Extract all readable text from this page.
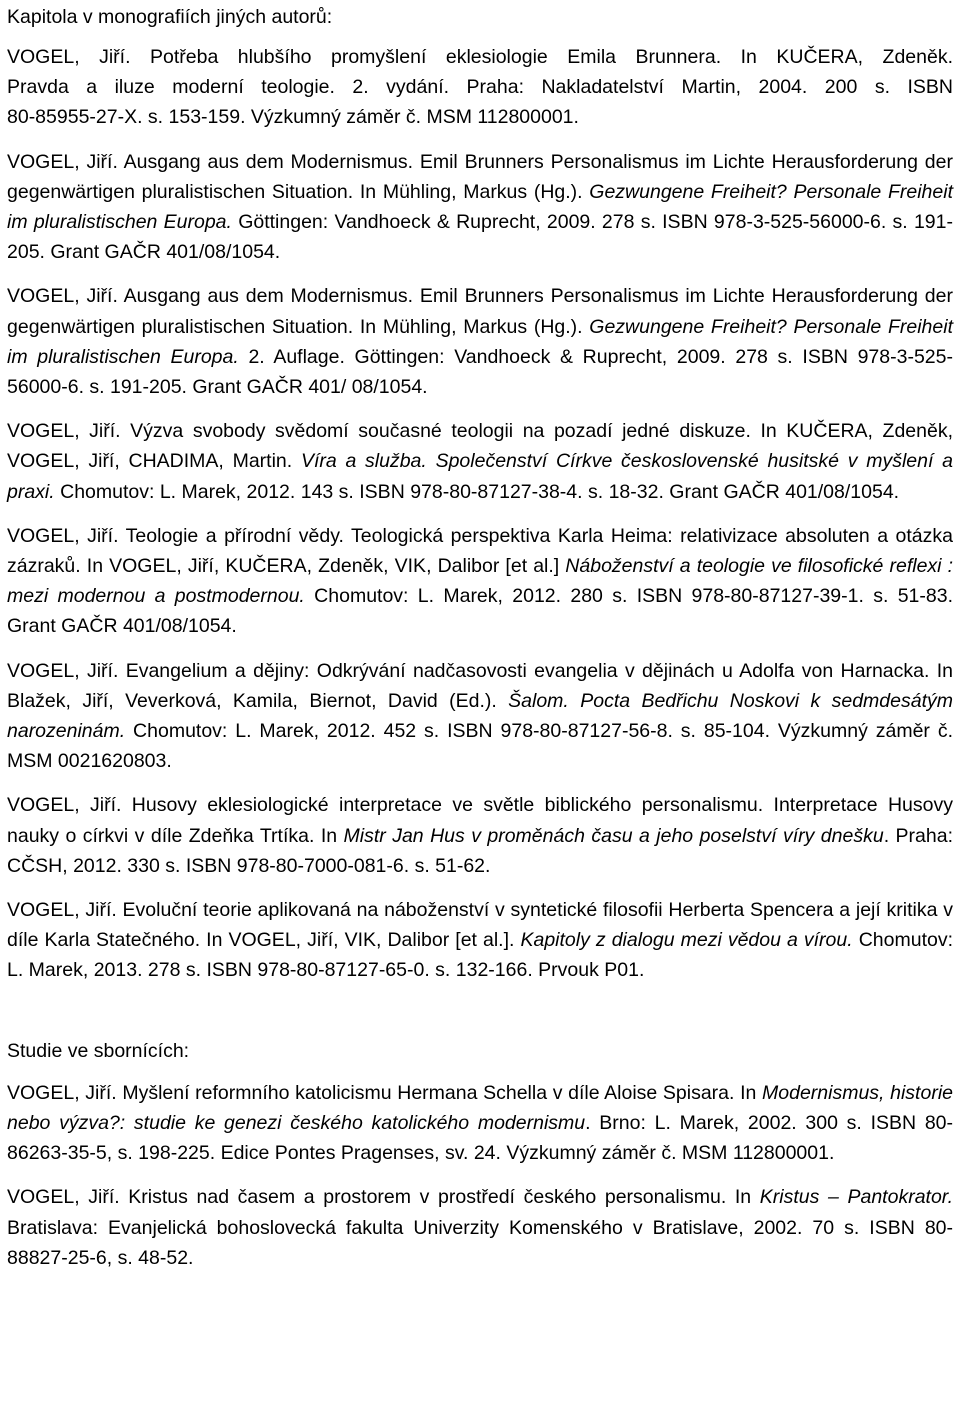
Kapitola v monografiích jiných autorů:

VOGEL, Jiří. Potřeba hlubšího promyšlení eklesiologie Emila Brunnera. In KUČERA, Zdeněk.
Pravda a iluze moderní teologie. 2. vydání. Praha: Nakladatelství Martin, 2004. 200 s. ISBN
80-85955-27-X. s. 153-159. Výzkumný záměr č. MSM 112800001.

VOGEL, Jiří. Ausgang aus dem Modernismus. Emil Brunners Personalismus im Lichte Herausforderung der gegenwärtigen pluralistischen Situation. In Mühling, Markus (Hg.). Gezwungene Freiheit? Personale Freiheit im pluralistischen Europa. Göttingen: Vandhoeck & Ruprecht, 2009. 278 s. ISBN 978-3-525-56000-6. s. 191-205. Grant GAČR 401/08/1054.

VOGEL, Jiří. Ausgang aus dem Modernismus. Emil Brunners Personalismus im Lichte Herausforderung der gegenwärtigen pluralistischen Situation. In Mühling, Markus (Hg.). Gezwungene Freiheit? Personale Freiheit im pluralistischen Europa. 2. Auflage. Göttingen: Vandhoeck & Ruprecht, 2009. 278 s. ISBN 978-3-525-56000-6. s. 191-205. Grant GAČR 401/ 08/1054.

VOGEL, Jiří. Výzva svobody svědomí současné teologii na pozadí jedné diskuze. In KUČERA, Zdeněk, VOGEL, Jiří, CHADIMA, Martin. Víra a služba. Společenství Církve československé husitské v myšlení a praxi. Chomutov: L. Marek, 2012. 143 s. ISBN 978-80-87127-38-4. s. 18-32. Grant GAČR 401/08/1054.

VOGEL, Jiří. Teologie a přírodní vědy. Teologická perspektiva Karla Heima: relativizace absoluten a otázka zázraků. In VOGEL, Jiří, KUČERA, Zdeněk, VIK, Dalibor [et al.] Náboženství a teologie ve filosofické reflexi : mezi modernou a postmodernou. Chomutov: L. Marek, 2012. 280 s. ISBN 978-80-87127-39-1. s. 51-83. Grant GAČR 401/08/1054.

VOGEL, Jiří. Evangelium a dějiny: Odkrývání nadčasovosti evangelia v dějinách u Adolfa von Harnacka. In Blažek, Jiří, Veverková, Kamila, Biernot, David (Ed.). Šalom. Pocta Bedřichu Noskovi k sedmdesátým narozeninám. Chomutov: L. Marek, 2012. 452 s. ISBN 978-80-87127-56-8. s. 85-104. Výzkumný záměr č. MSM 0021620803.

VOGEL, Jiří. Husovy eklesiologické interpretace ve světle biblického personalismu. Interpretace Husovy nauky o církvi v díle Zdeňka Trtíka. In Mistr Jan Hus v proměnách času a jeho poselství víry dnešku. Praha: CČSH, 2012. 330 s. ISBN 978-80-7000-081-6. s. 51-62.

VOGEL, Jiří. Evoluční teorie aplikovaná na náboženství v syntetické filosofii Herberta Spencera a její kritika v díle Karla Statečného. In VOGEL, Jiří, VIK, Dalibor [et al.]. Kapitoly z dialogu mezi vědou a vírou. Chomutov: L. Marek, 2013. 278 s. ISBN 978-80-87127-65-0. s. 132-166. Prvouk P01.

Studie ve sbornících:

VOGEL, Jiří. Myšlení reformního katolicismu Hermana Schella v díle Aloise Spisara. In Modernismus, historie nebo výzva?: studie ke genezi českého katolického modernismu. Brno: L. Marek, 2002. 300 s. ISBN 80-86263-35-5, s. 198-225. Edice Pontes Pragenses, sv. 24. Výzkumný záměr č. MSM 112800001.

VOGEL, Jiří. Kristus nad časem a prostorem v prostředí českého personalismu. In Kristus – Pantokrator. Bratislava: Evanjelická bohoslovecká fakulta Univerzity Komenského v Bratislave, 2002. 70 s. ISBN 80-88827-25-6, s. 48-52.
